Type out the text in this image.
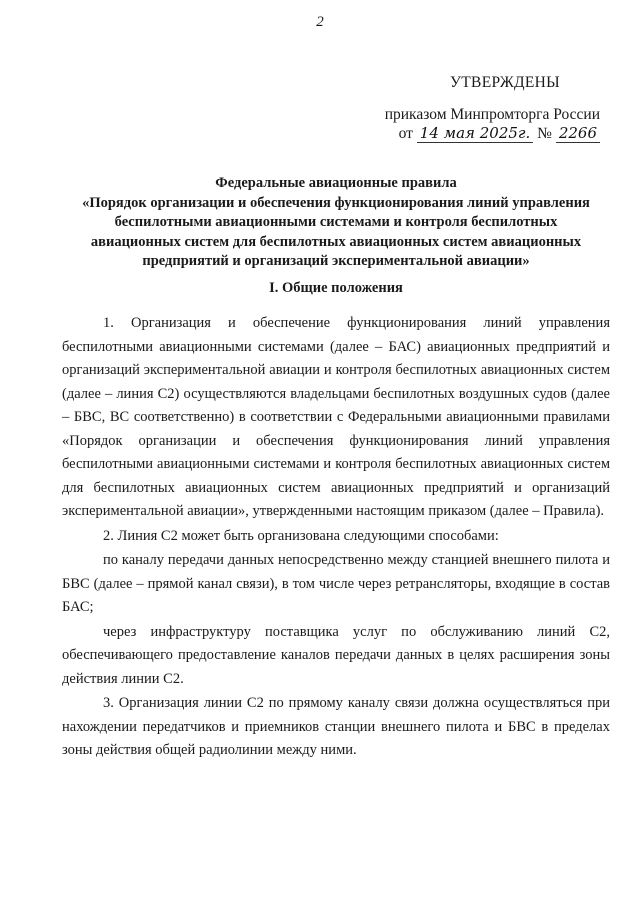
2
УТВЕРЖДЕНЫ
приказом Минпромторга России
от 14 мая 2025г. № 2266
Федеральные авиационные правила
«Порядок организации и обеспечения функционирования линий управления
беспилотными авиационными системами и контроля беспилотных
авиационных систем для беспилотных авиационных систем авиационных
предприятий и организаций экспериментальной авиации»
I. Общие положения

1. Организация и обеспечение функционирования линий управления беспилотными авиационными системами (далее – БАС) авиационных предприятий и организаций экспериментальной авиации и контроля беспилотных авиационных систем (далее – линия С2) осуществляются владельцами беспилотных воздушных судов (далее – БВС, ВС соответственно) в соответствии с Федеральными авиационными правилами «Порядок организации и обеспечения функционирования линий управления беспилотными авиационными системами и контроля беспилотных авиационных систем для беспилотных авиационных систем авиационных предприятий и организаций экспериментальной авиации», утвержденными настоящим приказом (далее – Правила).

2. Линия С2 может быть организована следующими способами:

по каналу передачи данных непосредственно между станцией внешнего пилота и БВС (далее – прямой канал связи), в том числе через ретрансляторы, входящие в состав БАС;

через инфраструктуру поставщика услуг по обслуживанию линий С2, обеспечивающего предоставление каналов передачи данных в целях расширения зоны действия линии С2.

3. Организация линии С2 по прямому каналу связи должна осуществляться при нахождении передатчиков и приемников станции внешнего пилота и БВС в пределах зоны действия общей радиолинии между ними.
